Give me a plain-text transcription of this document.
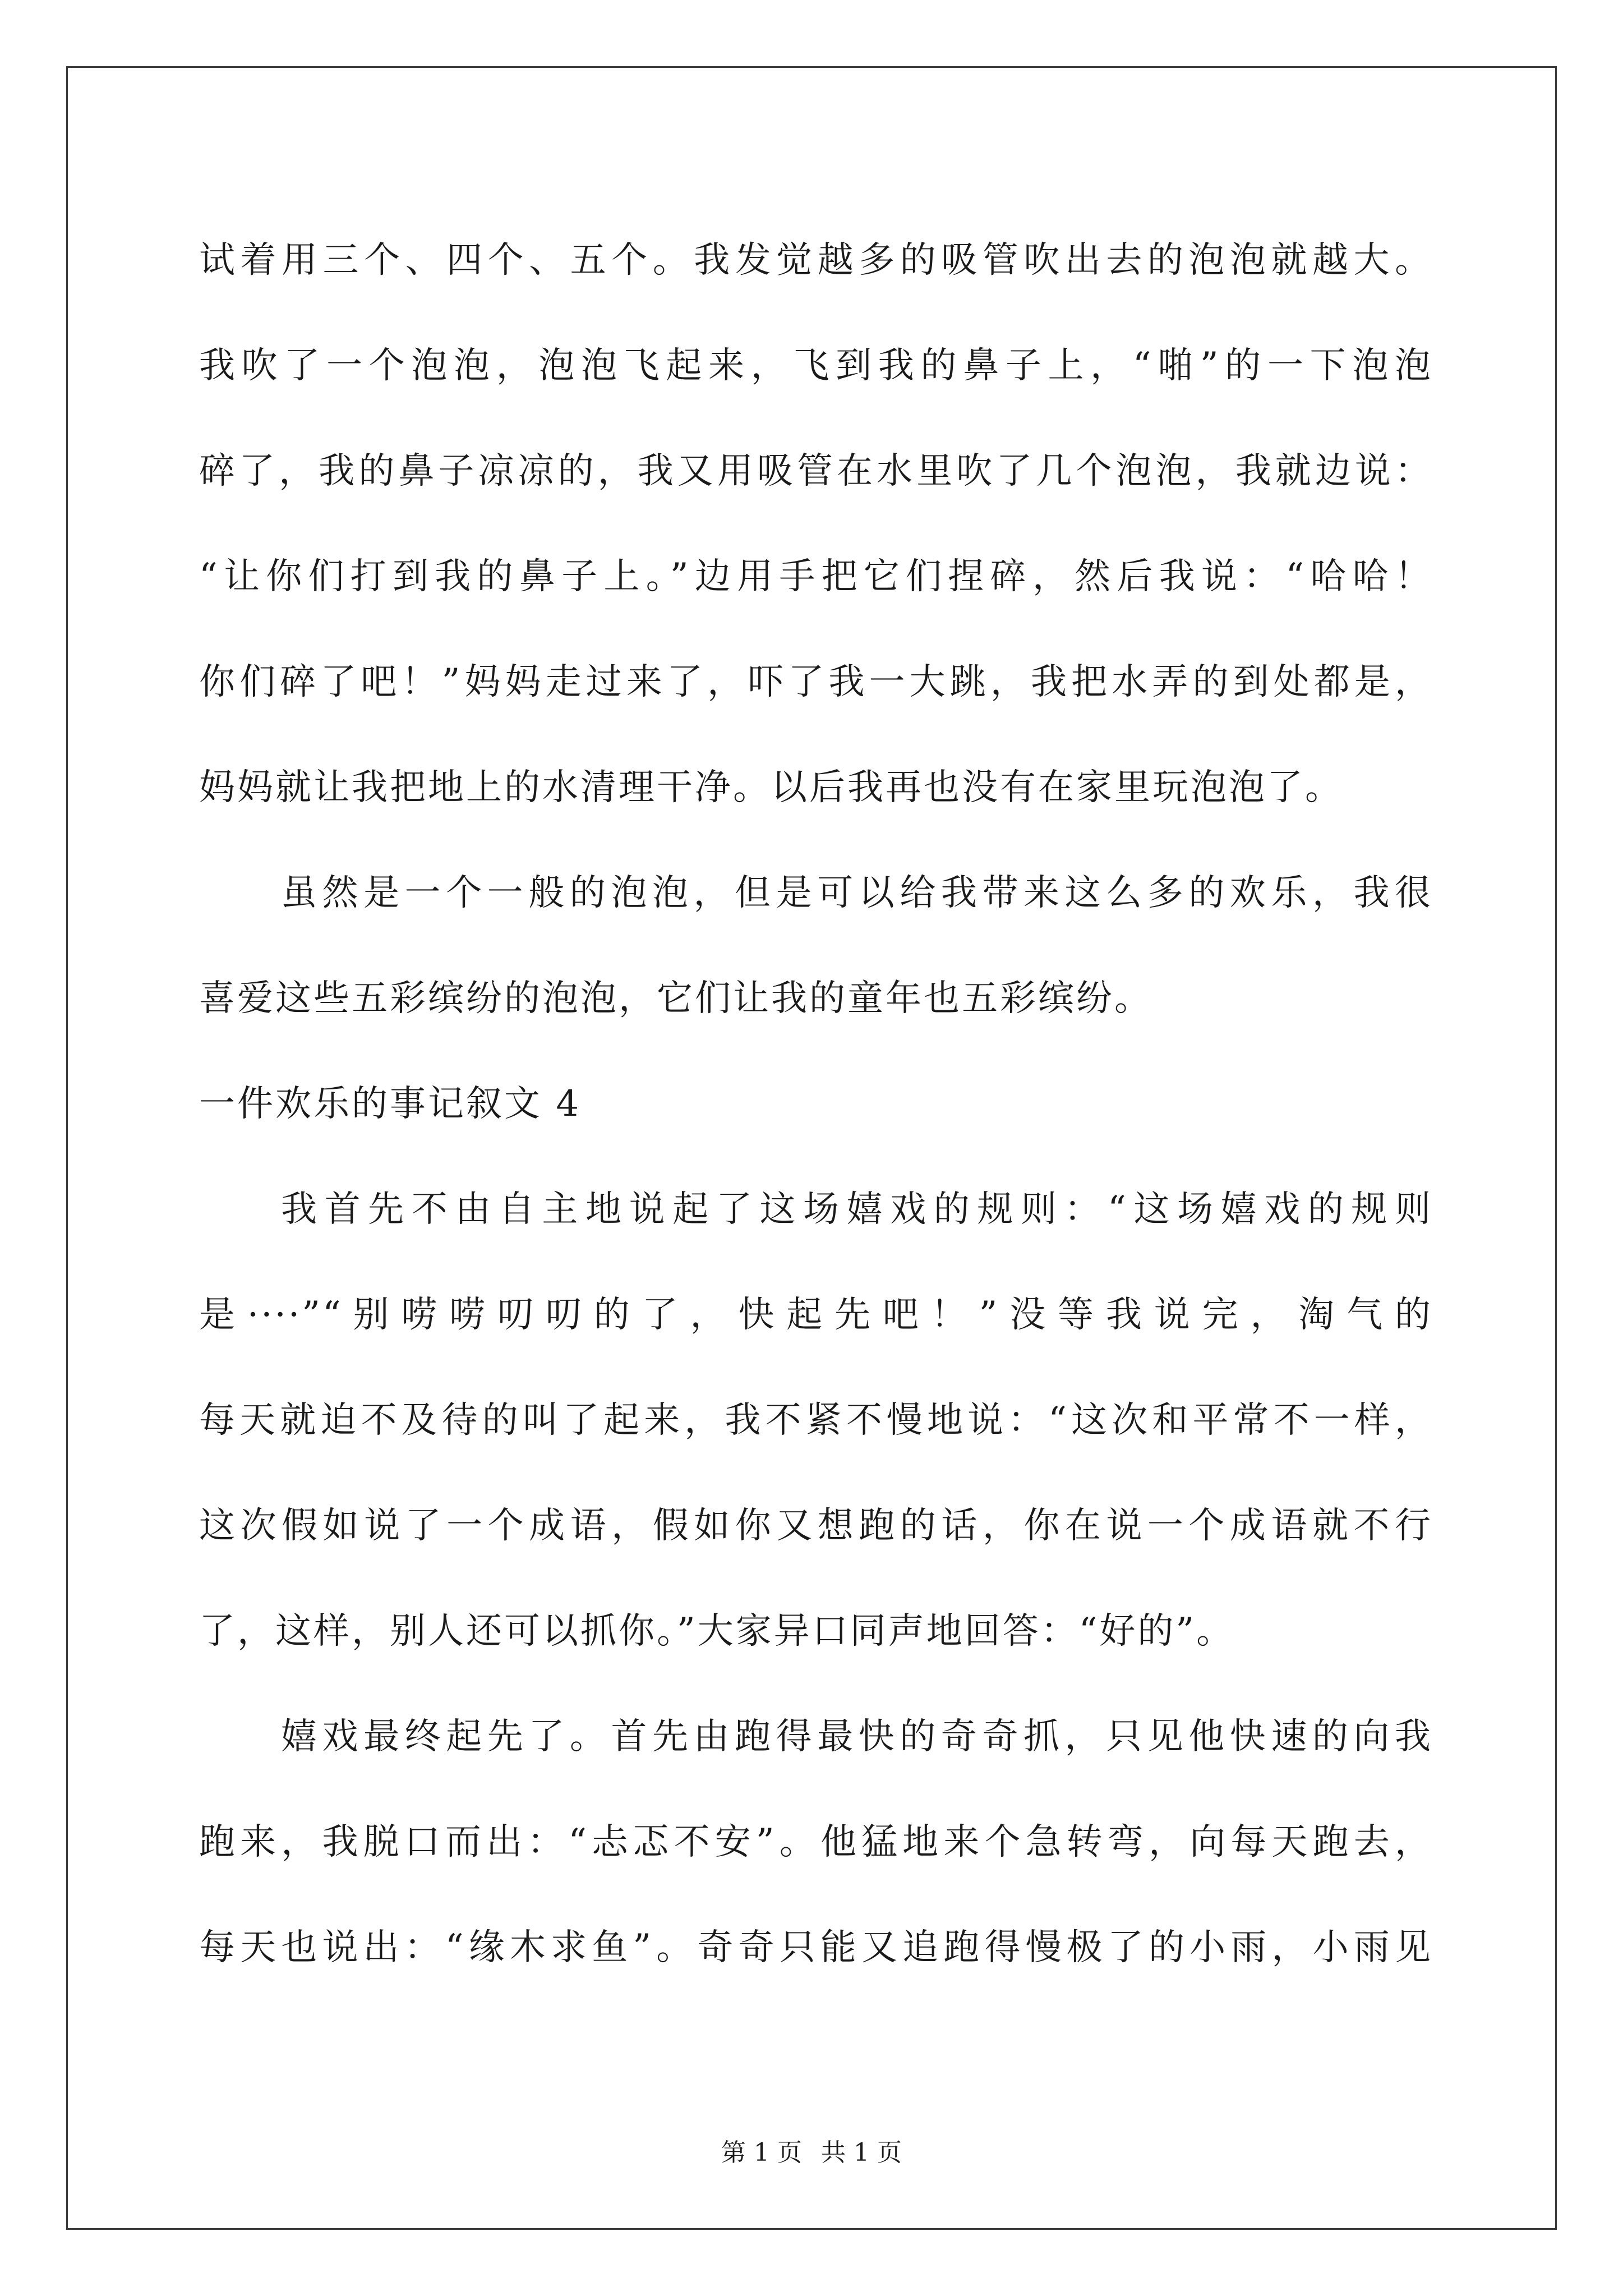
试着用三个、四个、五个。我发觉越多的吸管吹出去的泡泡就越大。
我吹了一个泡泡，泡泡飞起来，飞到我的鼻子上，“啪”的一下泡泡
碎了，我的鼻子凉凉的，我又用吸管在水里吹了几个泡泡，我就边说：
“让你们打到我的鼻子上。”边用手把它们捏碎，然后我说：“哈哈！
你们碎了吧！”妈妈走过来了，吓了我一大跳，我把水弄的到处都是，
妈妈就让我把地上的水清理干净。以后我再也没有在家里玩泡泡了。
虽然是一个一般的泡泡，但是可以给我带来这么多的欢乐，我很
喜爱这些五彩缤纷的泡泡，它们让我的童年也五彩缤纷。
一件欢乐的事记叙文 4
我首先不由自主地说起了这场嬉戏的规则：“这场嬉戏的规则
是····”“别唠唠叨叨的了，快起先吧！”没等我说完，淘气的
每天就迫不及待的叫了起来，我不紧不慢地说：“这次和平常不一样，
这次假如说了一个成语，假如你又想跑的话，你在说一个成语就不行
了，这样，别人还可以抓你。”大家异口同声地回答：“好的”。
嬉戏最终起先了。首先由跑得最快的奇奇抓，只见他快速的向我
跑来，我脱口而出：“忐忑不安”。他猛地来个急转弯，向每天跑去，
每天也说出：“缘木求鱼”。奇奇只能又追跑得慢极了的小雨，小雨见
第 1 页 共 1 页
